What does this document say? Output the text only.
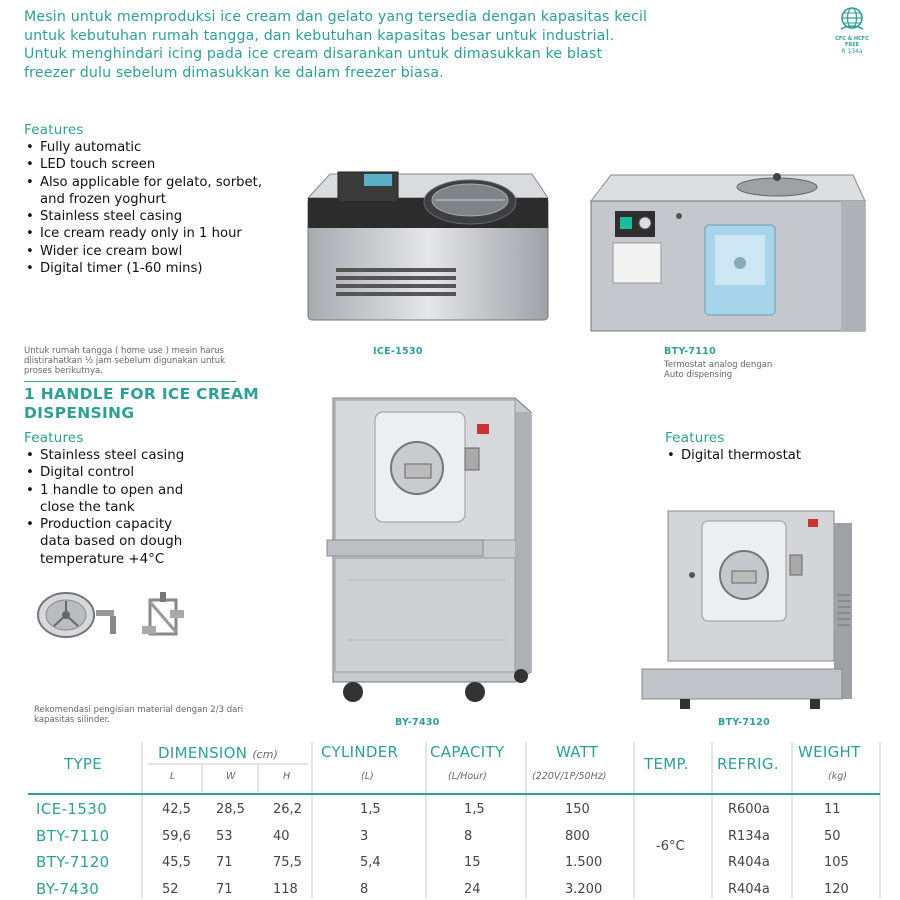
Mesin untuk memproduksi ice cream dan gelato yang tersedia dengan kapasitas kecil
untuk kebutuhan rumah tangga, dan kebutuhan kapasitas besar untuk industrial.
Untuk menghindari icing pada ice cream disarankan untuk dimasukkan ke blast
freezer dulu sebelum dimasukkan ke dalam freezer biasa.
CFC & HCFC
FREE
R 134a
Features
• Fully automatic
• LED touch screen
• Also applicable for gelato, sorbet,
and frozen yoghurt
• Stainless steel casing
• Ice cream ready only in 1 hour
• Wider ice cream bowl
• Digital timer (1-60 mins)
Untuk rumah tangga ( home use ) mesin harus
diistirahatkan ½ jam sebelum digunakan untuk
proses berikutnya.
ICE-1530	BTY-7110
Termostat analog dengan
Auto dispensing
1 HANDLE FOR ICE CREAM
DISPENSING
Features
• Stainless steel casing
• Digital control
• 1 handle to open and
close the tank
• Production capacity
data based on dough
temperature +4°C
Rekomendasi pengisian material dengan 2/3 dari
kapasitas silinder.	BY-7430
Features
• Digital thermostat
BTY-7120
TYPE
DIMENSION (cm)
L	W	H
CYLINDER
(L)
CAPACITY
(L/Hour)
WATT
(220V/1P/50Hz)
TEMP. REFRIG.
WEIGHT
(kg)
-6°C
ICE-1530	42,5 28,5 26,2	1,5	1,5	150	R600a	11
BTY-7110	59,6 53	40	3	8	800	R134a	50
BTY-7120	45,5 71	75,5	5,4	15	1.500	R404a	105
BY-7430	52	71	118	8	24	3.200	R404a	120
